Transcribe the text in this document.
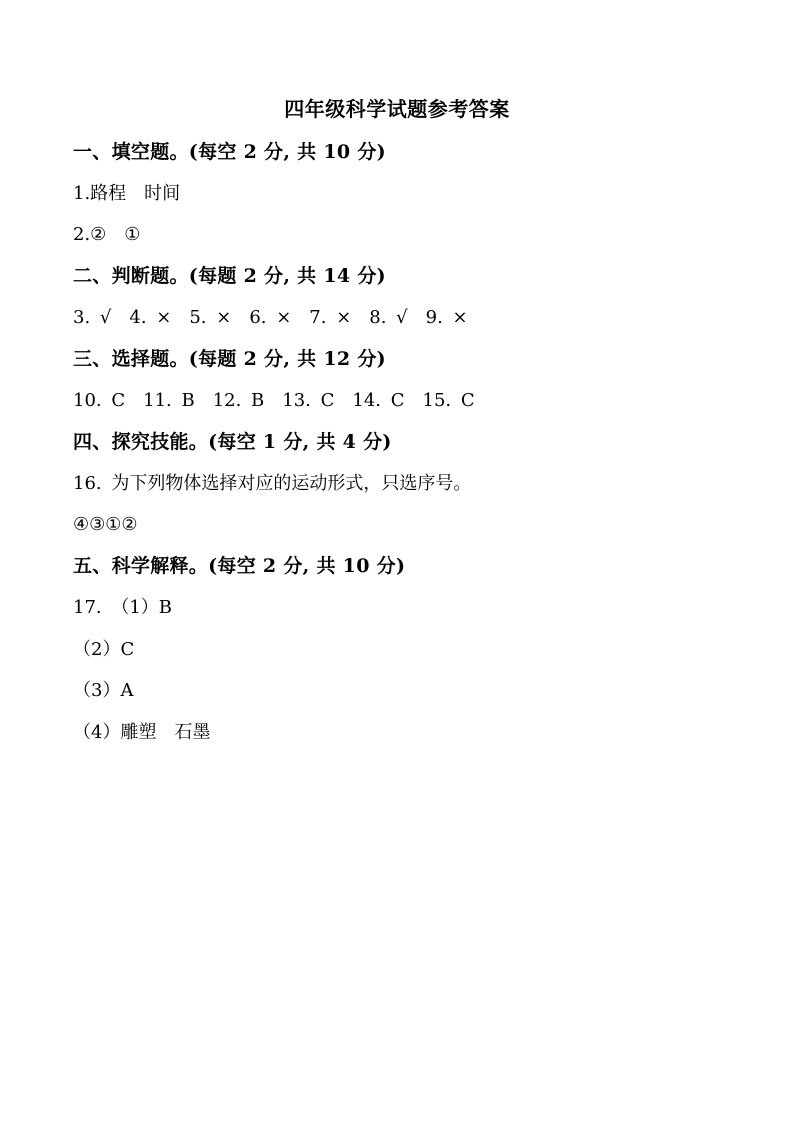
四年级科学试题参考答案
一、填空题。(每空 2 分, 共 10 分)
1.路程　时间
2.②　①
二、判断题。(每题 2 分, 共 14 分)
3. √　4. ×　5. ×　6. ×　7. ×　8. √　9. ×
三、选择题。(每题 2 分, 共 12 分)
10. C　11. B　12. B　13. C　14. C　15. C
四、探究技能。(每空 1 分, 共 4 分)
16. 为下列物体选择对应的运动形式，只选序号。
④③①②
五、科学解释。(每空 2 分, 共 10 分)
17. （1）B
（2）C
（3）A
（4）雕塑　石墨
